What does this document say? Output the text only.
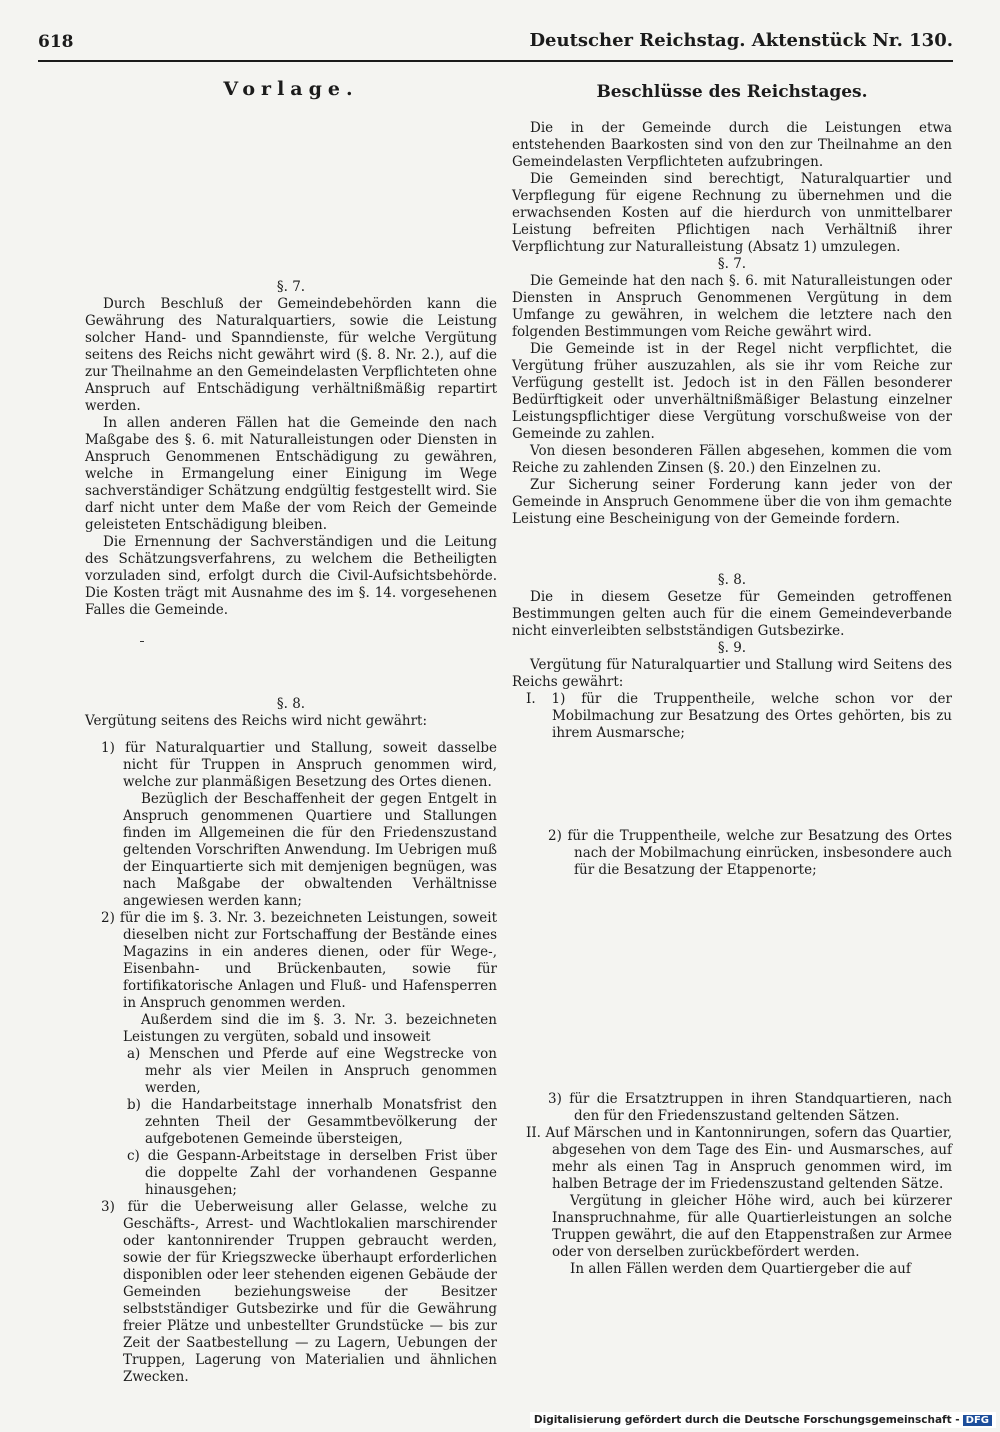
618	Deutscher Reichstag. Aktenstück Nr. 130.
Vorlage.

§. 7.

Durch Beschluß der Gemeindebehörden kann die Gewährung des Naturalquartiers, sowie die Leistung solcher Hand- und Spanndienste, für welche Vergütung seitens des Reichs nicht gewährt wird (§. 8. Nr. 2.), auf die zur Theilnahme an den Gemeindelasten Verpflichteten ohne Anspruch auf Entschädigung verhältnißmäßig repartirt werden.

In allen anderen Fällen hat die Gemeinde den nach Maßgabe des §. 6. mit Naturalleistungen oder Diensten in Anspruch Genommenen Entschädigung zu gewähren, welche in Ermangelung einer Einigung im Wege sachverständiger Schätzung endgültig festgestellt wird. Sie darf nicht unter dem Maße der vom Reich der Gemeinde geleisteten Entschädigung bleiben.

Die Ernennung der Sachverständigen und die Leitung des Schätzungsverfahrens, zu welchem die Betheiligten vorzuladen sind, erfolgt durch die Civil-Aufsichtsbehörde. Die Kosten trägt mit Ausnahme des im §. 14. vorgesehenen Falles die Gemeinde.

§. 8.

Vergütung seitens des Reichs wird nicht gewährt:

1) für Naturalquartier und Stallung, soweit dasselbe nicht für Truppen in Anspruch genommen wird, welche zur planmäßigen Besetzung des Ortes dienen.

Bezüglich der Beschaffenheit der gegen Entgelt in Anspruch genommenen Quartiere und Stallungen finden im Allgemeinen die für den Friedenszustand geltenden Vorschriften Anwendung. Im Uebrigen muß der Einquartierte sich mit demjenigen begnügen, was nach Maßgabe der obwaltenden Verhältnisse angewiesen werden kann;

2) für die im §. 3. Nr. 3. bezeichneten Leistungen, soweit dieselben nicht zur Fortschaffung der Bestände eines Magazins in ein anderes dienen, oder für Wege-, Eisenbahn- und Brückenbauten, sowie für fortifikatorische Anlagen und Fluß- und Hafensperren in Anspruch genommen werden.

Außerdem sind die im §. 3. Nr. 3. bezeichneten Leistungen zu vergüten, sobald und insoweit

a) Menschen und Pferde auf eine Wegstrecke von mehr als vier Meilen in Anspruch genommen werden,

b) die Handarbeitstage innerhalb Monatsfrist den zehnten Theil der Gesammtbevölkerung der aufgebotenen Gemeinde übersteigen,

c) die Gespann-Arbeitstage in derselben Frist über die doppelte Zahl der vorhandenen Gespanne hinausgehen;

3) für die Ueberweisung aller Gelasse, welche zu Geschäfts-, Arrest- und Wachtlokalien marschirender oder kantonnirender Truppen gebraucht werden, sowie der für Kriegszwecke überhaupt erforderlichen disponiblen oder leer stehenden eigenen Gebäude der Gemeinden beziehungsweise der Besitzer selbstständiger Gutsbezirke und für die Gewährung freier Plätze und unbestellter Grundstücke — bis zur Zeit der Saatbestellung — zu Lagern, Uebungen der Truppen, Lagerung von Materialien und ähnlichen Zwecken.

Beschlüsse des Reichstages.

Die in der Gemeinde durch die Leistungen etwa entstehenden Baarkosten sind von den zur Theilnahme an den Gemeindelasten Verpflichteten aufzubringen.

Die Gemeinden sind berechtigt, Naturalquartier und Verpflegung für eigene Rechnung zu übernehmen und die erwachsenden Kosten auf die hierdurch von unmittelbarer Leistung befreiten Pflichtigen nach Verhältniß ihrer Verpflichtung zur Naturalleistung (Absatz 1) umzulegen.

§. 7.

Die Gemeinde hat den nach §. 6. mit Naturalleistungen oder Diensten in Anspruch Genommenen Vergütung in dem Umfange zu gewähren, in welchem die letztere nach den folgenden Bestimmungen vom Reiche gewährt wird.

Die Gemeinde ist in der Regel nicht verpflichtet, die Vergütung früher auszuzahlen, als sie ihr vom Reiche zur Verfügung gestellt ist. Jedoch ist in den Fällen besonderer Bedürftigkeit oder unverhältnißmäßiger Belastung einzelner Leistungspflichtiger diese Vergütung vorschußweise von der Gemeinde zu zahlen.

Von diesen besonderen Fällen abgesehen, kommen die vom Reiche zu zahlenden Zinsen (§. 20.) den Einzelnen zu.

Zur Sicherung seiner Forderung kann jeder von der Gemeinde in Anspruch Genommene über die von ihm gemachte Leistung eine Bescheinigung von der Gemeinde fordern.

§. 8.

Die in diesem Gesetze für Gemeinden getroffenen Bestimmungen gelten auch für die einem Gemeindeverbande nicht einverleibten selbstständigen Gutsbezirke.

§. 9.

Vergütung für Naturalquartier und Stallung wird Seitens des Reichs gewährt:

I. 1) für die Truppentheile, welche schon vor der Mobilmachung zur Besatzung des Ortes gehörten, bis zu ihrem Ausmarsche;

2) für die Truppentheile, welche zur Besatzung des Ortes nach der Mobilmachung einrücken, insbesondere auch für die Besatzung der Etappenorte;

3) für die Ersatztruppen in ihren Standquartieren, nach den für den Friedenszustand geltenden Sätzen.

II. Auf Märschen und in Kantonnirungen, sofern das Quartier, abgesehen von dem Tage des Ein- und Ausmarsches, auf mehr als einen Tag in Anspruch genommen wird, im halben Betrage der im Friedenszustand geltenden Sätze.

Vergütung in gleicher Höhe wird, auch bei kürzerer Inanspruchnahme, für alle Quartierleistungen an solche Truppen gewährt, die auf den Etappenstraßen zur Armee oder von derselben zurückbefördert werden.

In allen Fällen werden dem Quartiergeber die auf

Digitalisierung gefördert durch die Deutsche Forschungsgemeinschaft - DFG
